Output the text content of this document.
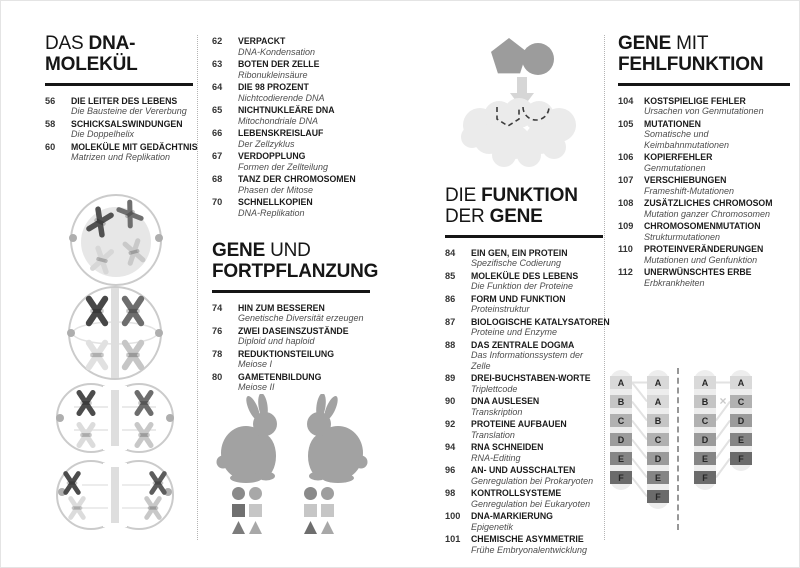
DAS DNA-MOLEKÜL
56	DIE LEITER DES LEBENS
Die Bausteine der Vererbung
58	SCHICKSALSWINDUNGEN
Die Doppelhelix
60	MOLEKÜLE MIT GEDÄCHTNIS
Matrizen und Replikation
62	VERPACKT
DNA-Kondensation
63	BOTEN DER ZELLE
Ribonukleinsäure
64	DIE 98 PROZENT
Nichtcodierende DNA
65	NICHTNUKLEÄRE DNA
Mitochondriale DNA
66	LEBENSKREISLAUF
Der Zellzyklus
67	VERDOPPLUNG
Formen der Zellteilung
68	TANZ DER CHROMOSOMEN
Phasen der Mitose
70	SCHNELLKOPIEN
DNA-Replikation
GENE UND FORTPFLANZUNG
74	HIN ZUM BESSEREN
Genetische Diversität erzeugen
76	ZWEI DASEINSZUSTÄNDE
Diploid und haploid
78	REDUKTIONSTEILUNG
Meiose I
80	GAMETENBILDUNG
Meiose II
DIE FUNKTION DER GENE
84	EIN GEN, EIN PROTEIN
Spezifische Codierung
85	MOLEKÜLE DES LEBENS
Die Funktion der Proteine
86	FORM UND FUNKTION
Proteinstruktur
87	BIOLOGISCHE KATALYSATOREN
Proteine und Enzyme
88	DAS ZENTRALE DOGMA
Das Informationssystem der Zelle
89	DREI-BUCHSTABEN-WORTE
Triplettcode
90	DNA AUSLESEN
Transkription
92	PROTEINE AUFBAUEN
Translation
94	RNA SCHNEIDEN
RNA-Editing
96	AN- UND AUSSCHALTEN
Genregulation bei Prokaryoten
98	KONTROLLSYSTEME
Genregulation bei Eukaryoten
100	DNA-MARKIERUNG
Epigenetik
101	CHEMISCHE ASYMMETRIE
Frühe Embryonalentwicklung
GENE MIT FEHLFUNKTION
104	KOSTSPIELIGE FEHLER
Ursachen von Genmutationen
105	MUTATIONEN
Somatische und Keimbahnmutationen
106	KOPIERFEHLER
Genmutationen
107	VERSCHIEBUNGEN
Frameshift-Mutationen
108	ZUSÄTZLICHES CHROMOSOM
Mutation ganzer Chromosomen
109	CHROMOSOMENMUTATION
Strukturmutationen
110	PROTEINVERÄNDERUNGEN
Mutationen und Genfunktion
112	UNERWÜNSCHTES ERBE
Erbkrankheiten
A
B
C
D
E
F
A
A
B
C
D
E
F
A
B
C
D
E
F
A
C
D
E
F
×
